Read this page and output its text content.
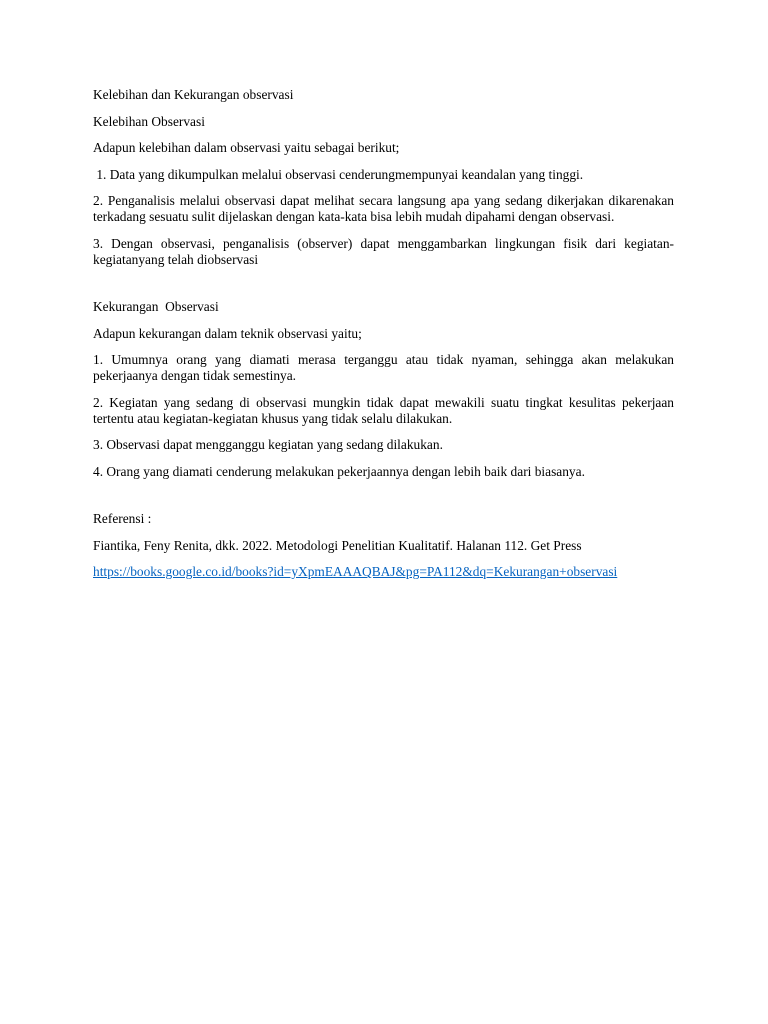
Kelebihan dan Kekurangan observasi

Kelebihan Observasi

Adapun kelebihan dalam observasi yaitu sebagai berikut;

1. Data yang dikumpulkan melalui observasi cenderungmempunyai keandalan yang tinggi.

2. Penganalisis melalui observasi dapat melihat secara langsung apa yang sedang dikerjakan dikarenakan terkadang sesuatu sulit dijelaskan dengan kata-kata bisa lebih mudah dipahami dengan observasi.

3. Dengan observasi, penganalisis (observer) dapat menggambarkan lingkungan fisik dari kegiatan-kegiatanyang telah diobservasi

Kekurangan  Observasi

Adapun kekurangan dalam teknik observasi yaitu;

1. Umumnya orang yang diamati merasa terganggu atau tidak nyaman, sehingga akan melakukan pekerjaanya dengan tidak semestinya.

2. Kegiatan yang sedang di observasi mungkin tidak dapat mewakili suatu tingkat kesulitas pekerjaan tertentu atau kegiatan-kegiatan khusus yang tidak selalu dilakukan.

3. Observasi dapat mengganggu kegiatan yang sedang dilakukan.

4. Orang yang diamati cenderung melakukan pekerjaannya dengan lebih baik dari biasanya.

Referensi :

Fiantika, Feny Renita, dkk. 2022. Metodologi Penelitian Kualitatif. Halanan 112. Get Press

https://books.google.co.id/books?id=yXpmEAAAQBAJ&pg=PA112&dq=Kekurangan+observasi
